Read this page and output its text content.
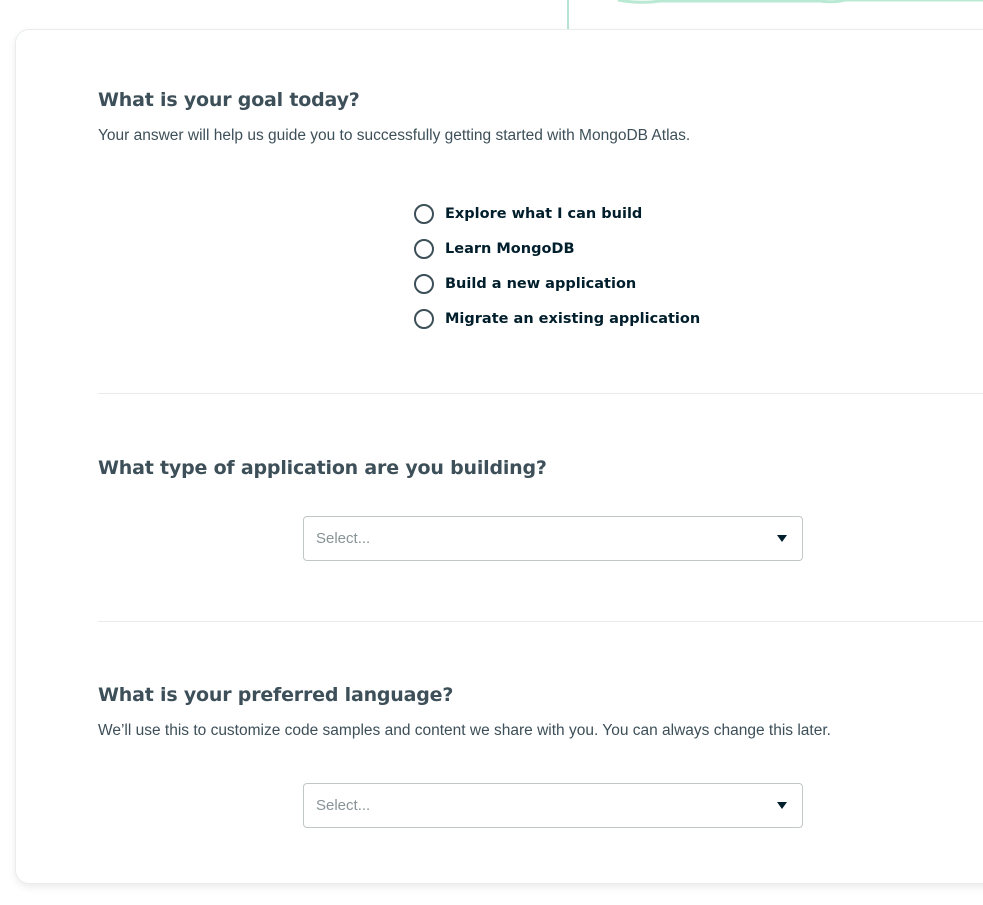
What is your goal today?

Your answer will help us guide you to successfully getting started with MongoDB Atlas.

Explore what I can build
Learn MongoDB
Build a new application
Migrate an existing application
What type of application are you building?
Select...
What is your preferred language?

We’ll use this to customize code samples and content we share with you. You can always change this later.

Select...
